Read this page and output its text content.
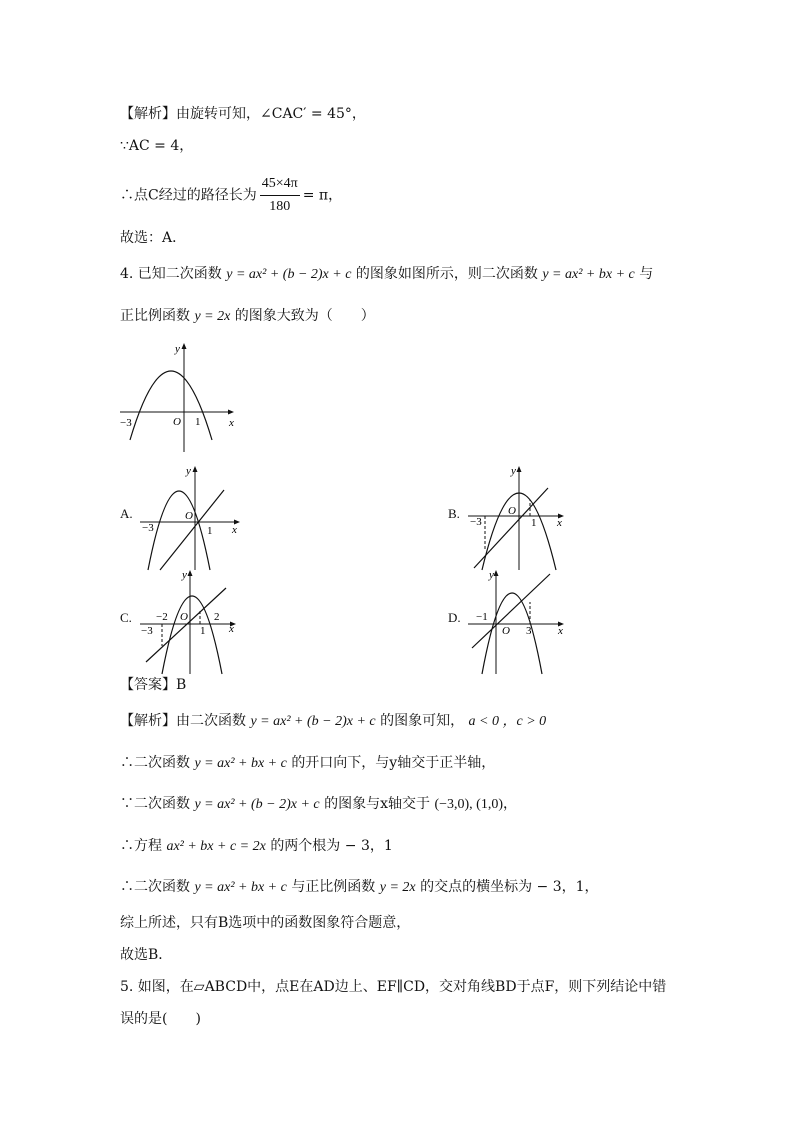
【解析】由旋转可知，∠CAC′ = 45°，
∵AC = 4，
∴点C经过的路径长为 $\frac{45\times 4\pi}{180} = \pi$，
故选：A．
4. 已知二次函数 y = ax² + (b − 2)x + c 的图象如图所示，则二次函数 y = ax² + bx + c 与
正比例函数 y = 2x 的图象大致为（　　）
y
x
O
−3	1
A.
y
x
O
−3	1
B.
y
x
O
−3	1
C.
y
x
O
−2
−3	1
2	D.
y
x
O
−1
3
【答案】B
【解析】由二次函数 y = ax² + (b − 2)x + c 的图象可知， a < 0 ，c > 0
∴二次函数 y = ax² + bx + c 的开口向下，与y轴交于正半轴，
∵二次函数 y = ax² + (b − 2)x + c 的图象与x轴交于 (−3,0), (1,0)，
∴方程 ax² + bx + c = 2x 的两个根为 − 3，1
∴二次函数 y = ax² + bx + c 与正比例函数 y = 2x 的交点的横坐标为 − 3，1，
综上所述，只有B选项中的函数图象符合题意，
故选B．
5. 如图，在▱ABCD中，点E在AD边上、EF∥CD，交对角线BD于点F，则下列结论中错
误的是(　　)
